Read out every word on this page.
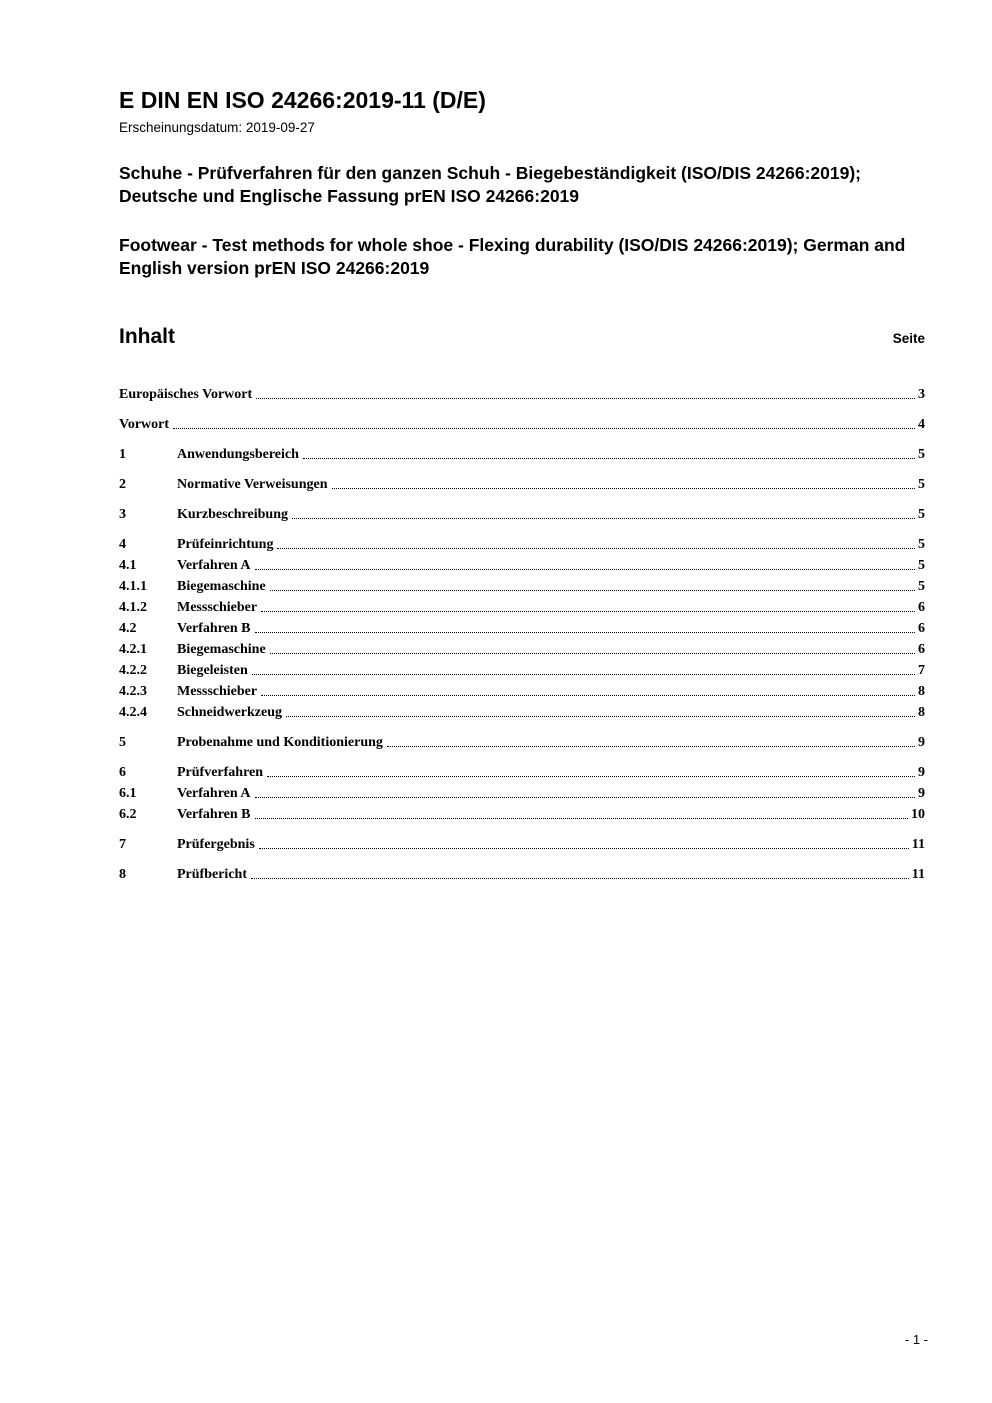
E DIN EN ISO 24266:2019-11 (D/E)
Erscheinungsdatum: 2019-09-27

Schuhe - Prüfverfahren für den ganzen Schuh - Biegebeständigkeit (ISO/DIS 24266:2019); Deutsche und Englische Fassung prEN ISO 24266:2019

Footwear - Test methods for whole shoe - Flexing durability (ISO/DIS 24266:2019); German and English version prEN ISO 24266:2019

Inhalt	Seite
Europäisches Vorwort	3
Vorwort	4
1	Anwendungsbereich	5
2	Normative Verweisungen	5
3	Kurzbeschreibung	5
4	Prüfeinrichtung	5
4.1	Verfahren A	5
4.1.1	Biegemaschine	5
4.1.2	Messschieber	6
4.2	Verfahren B	6
4.2.1	Biegemaschine	6
4.2.2	Biegeleisten	7
4.2.3	Messschieber	8
4.2.4	Schneidwerkzeug	8
5	Probenahme und Konditionierung	9
6	Prüfverfahren	9
6.1	Verfahren A	9
6.2	Verfahren B	10
7	Prüfergebnis	11
8	Prüfbericht	11
- 1 -
